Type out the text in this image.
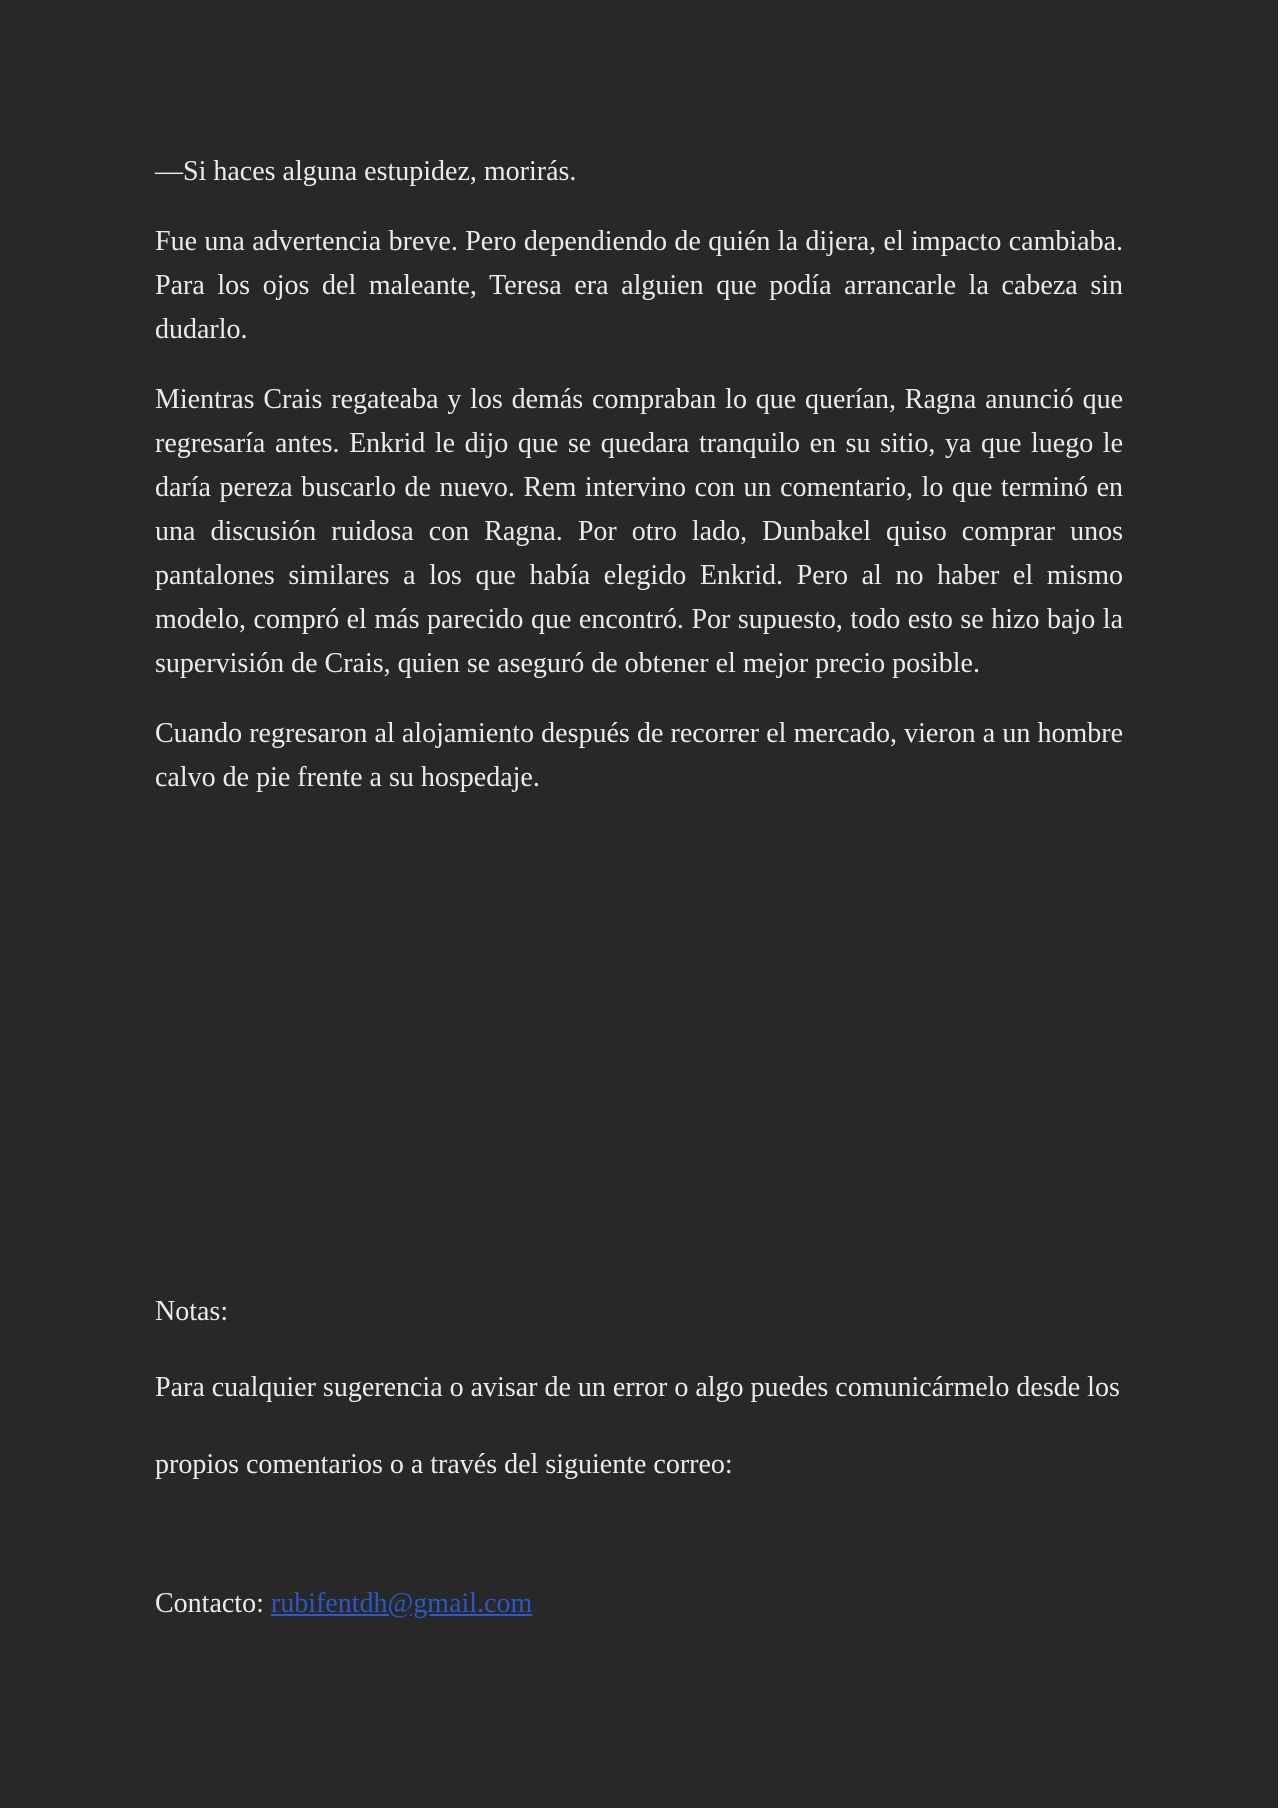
—Si haces alguna estupidez, morirás.

Fue una advertencia breve. Pero dependiendo de quién la dijera, el impacto cambiaba. Para los ojos del maleante, Teresa era alguien que podía arrancarle la cabeza sin dudarlo.

Mientras Crais regateaba y los demás compraban lo que querían, Ragna anunció que regresaría antes. Enkrid le dijo que se quedara tranquilo en su sitio, ya que luego le daría pereza buscarlo de nuevo. Rem intervino con un comentario, lo que terminó en una discusión ruidosa con Ragna. Por otro lado, Dunbakel quiso comprar unos pantalones similares a los que había elegido Enkrid. Pero al no haber el mismo modelo, compró el más parecido que encontró. Por supuesto, todo esto se hizo bajo la supervisión de Crais, quien se aseguró de obtener el mejor precio posible.

Cuando regresaron al alojamiento después de recorrer el mercado, vieron a un hombre calvo de pie frente a su hospedaje.

Notas:

Para cualquier sugerencia o avisar de un error o algo puedes comunicármelo desde los

propios comentarios o a través del siguiente correo:

Contacto: rubifentdh@gmail.com
